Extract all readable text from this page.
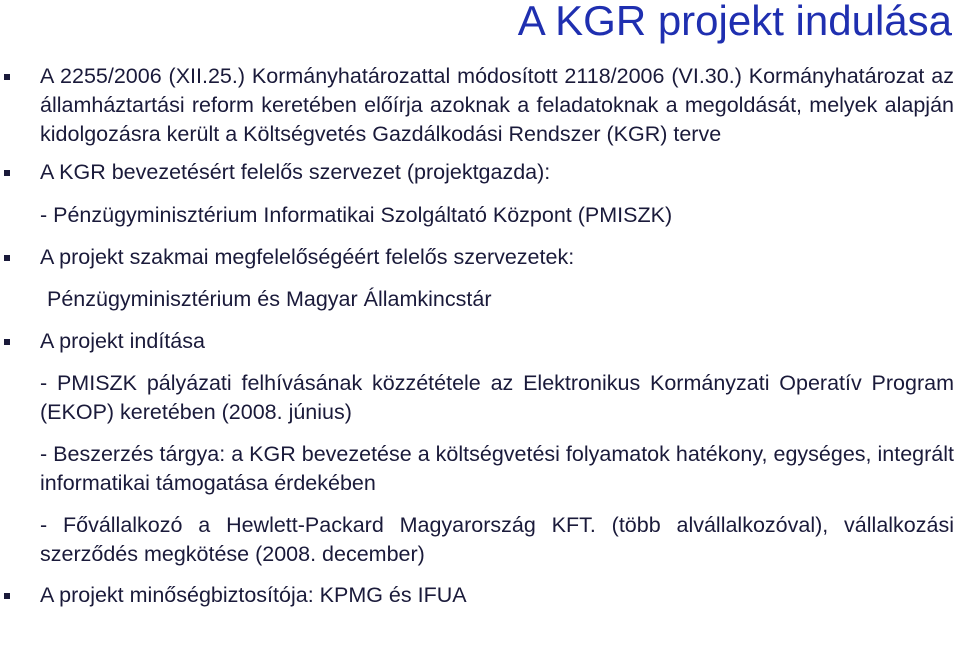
A KGR projekt indulása
A 2255/2006 (XII.25.) Kormányhatározattal módosított 2118/2006 (VI.30.) Kormányhatározat az államháztartási reform keretében előírja azoknak a feladatoknak a megoldását, melyek alapján kidolgozásra került a Költségvetés Gazdálkodási Rendszer (KGR) terve
A KGR bevezetésért felelős szervezet (projektgazda):
- Pénzügyminisztérium Informatikai Szolgáltató Központ (PMISZK)
A projekt szakmai megfelelőségéért felelős szervezetek:
Pénzügyminisztérium és Magyar Államkincstár
A projekt indítása
- PMISZK pályázati felhívásának közzététele az Elektronikus Kormányzati Operatív Program (EKOP) keretében (2008. június)
- Beszerzés tárgya: a KGR bevezetése a költségvetési folyamatok hatékony, egységes, integrált informatikai támogatása érdekében
- Fővállalkozó a Hewlett-Packard Magyarország KFT. (több alvállalkozóval), vállalkozási szerződés megkötése (2008. december)
A projekt minőségbiztosítója: KPMG és IFUA
